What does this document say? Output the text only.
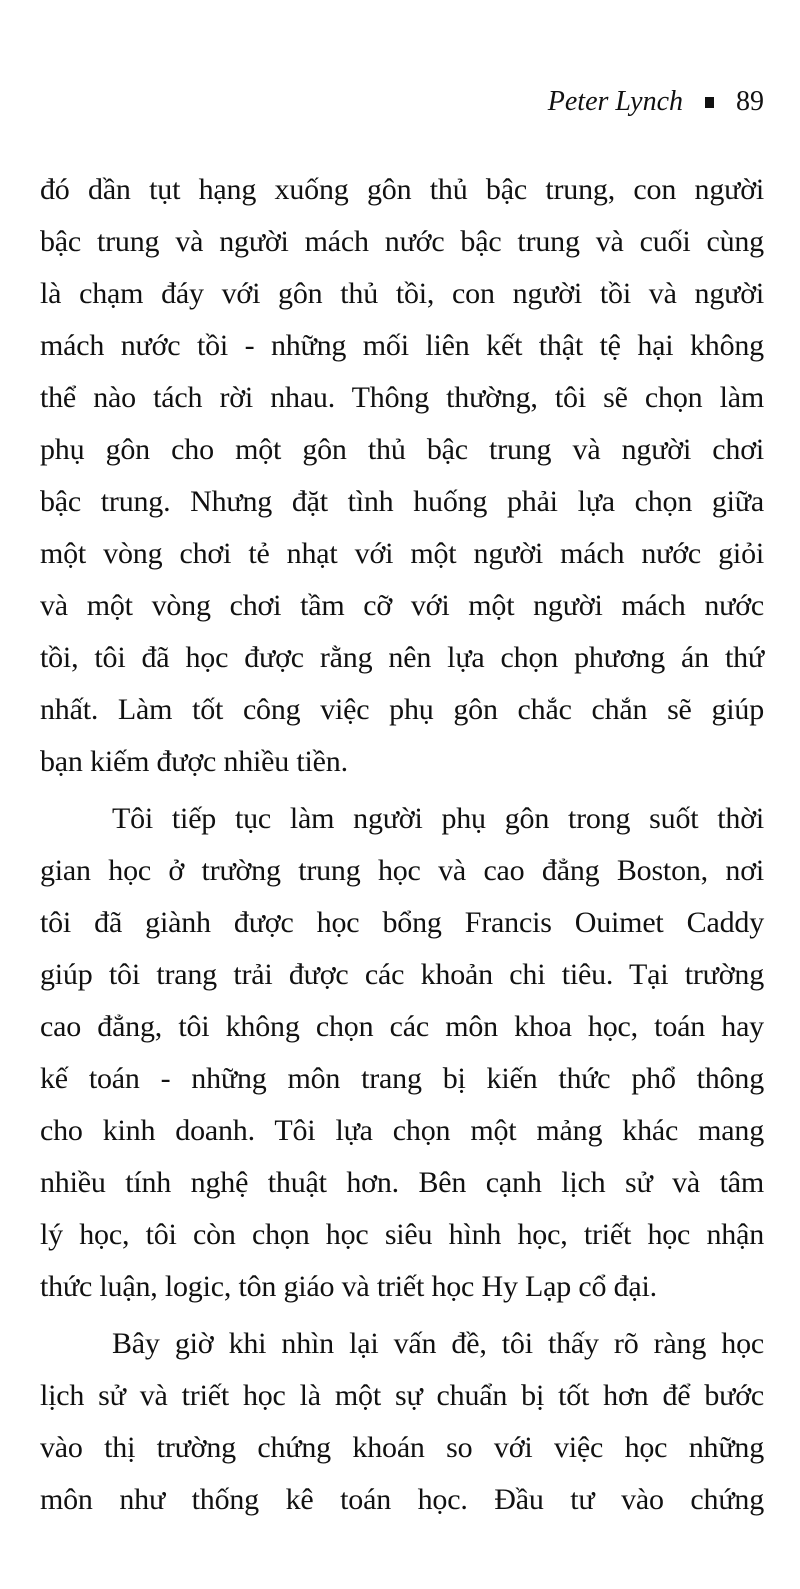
Peter Lynch 89
đó dần tụt hạng xuống gôn thủ bậc trung, con người
bậc trung và người mách nước bậc trung và cuối cùng
là chạm đáy với gôn thủ tồi, con người tồi và người
mách nước tồi - những mối liên kết thật tệ hại không
thể nào tách rời nhau. Thông thường, tôi sẽ chọn làm
phụ gôn cho một gôn thủ bậc trung và người chơi
bậc trung. Nhưng đặt tình huống phải lựa chọn giữa
một vòng chơi tẻ nhạt với một người mách nước giỏi
và một vòng chơi tầm cỡ với một người mách nước
tồi, tôi đã học được rằng nên lựa chọn phương án thứ
nhất. Làm tốt công việc phụ gôn chắc chắn sẽ giúp
bạn kiếm được nhiều tiền.
Tôi tiếp tục làm người phụ gôn trong suốt thời
gian học ở trường trung học và cao đẳng Boston, nơi
tôi đã giành được học bổng Francis Ouimet Caddy
giúp tôi trang trải được các khoản chi tiêu. Tại trường
cao đẳng, tôi không chọn các môn khoa học, toán hay
kế toán - những môn trang bị kiến thức phổ thông
cho kinh doanh. Tôi lựa chọn một mảng khác mang
nhiều tính nghệ thuật hơn. Bên cạnh lịch sử và tâm
lý học, tôi còn chọn học siêu hình học, triết học nhận
thức luận, logic, tôn giáo và triết học Hy Lạp cổ đại.
Bây giờ khi nhìn lại vấn đề, tôi thấy rõ ràng học
lịch sử và triết học là một sự chuẩn bị tốt hơn để bước
vào thị trường chứng khoán so với việc học những
môn như thống kê toán học. Đầu tư vào chứng
